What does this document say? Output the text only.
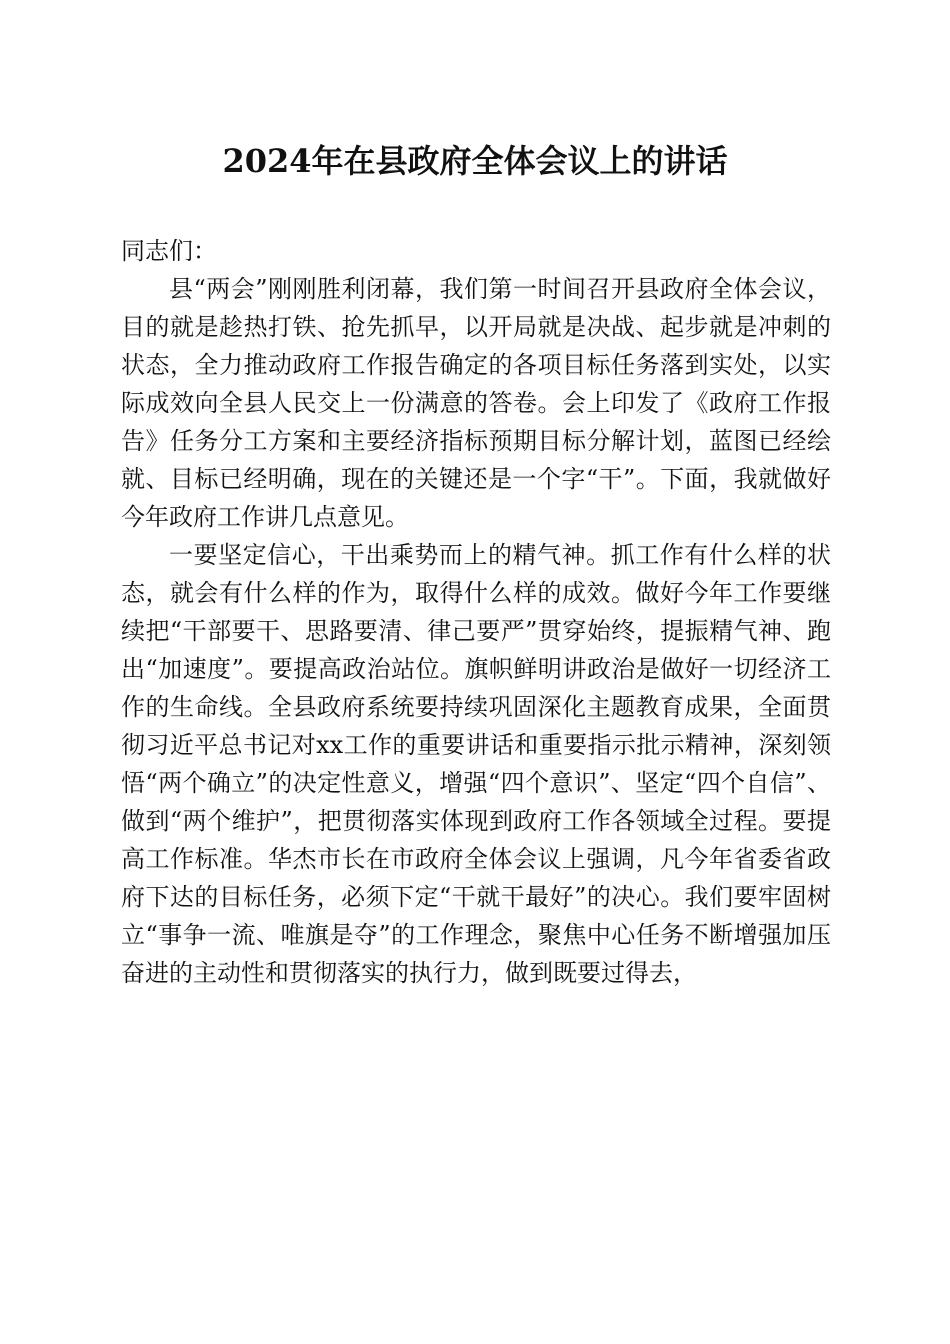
2024年在县政府全体会议上的讲话

同志们：

县“两会”刚刚胜利闭幕，我们第一时间召开县政府全体会议，目的就是趁热打铁、抢先抓早，以开局就是决战、起步就是冲刺的状态，全力推动政府工作报告确定的各项目标任务落到实处，以实际成效向全县人民交上一份满意的答卷。会上印发了《政府工作报告》任务分工方案和主要经济指标预期目标分解计划，蓝图已经绘就、目标已经明确，现在的关键还是一个字“干”。下面，我就做好今年政府工作讲几点意见。

一要坚定信心，干出乘势而上的精气神。抓工作有什么样的状态，就会有什么样的作为，取得什么样的成效。做好今年工作要继续把“干部要干、思路要清、律己要严”贯穿始终，提振精气神、跑出“加速度”。要提高政治站位。旗帜鲜明讲政治是做好一切经济工作的生命线。全县政府系统要持续巩固深化主题教育成果，全面贯彻习近平总书记对xx工作的重要讲话和重要指示批示精神，深刻领悟“两个确立”的决定性意义，增强“四个意识”、坚定“四个自信”、做到“两个维护”，把贯彻落实体现到政府工作各领域全过程。要提高工作标准。华杰市长在市政府全体会议上强调，凡今年省委省政府下达的目标任务，必须下定“干就干最好”的决心。我们要牢固树立“事争一流、唯旗是夺”的工作理念，聚焦中心任务不断增强加压奋进的主动性和贯彻落实的执行力，做到既要过得去，
